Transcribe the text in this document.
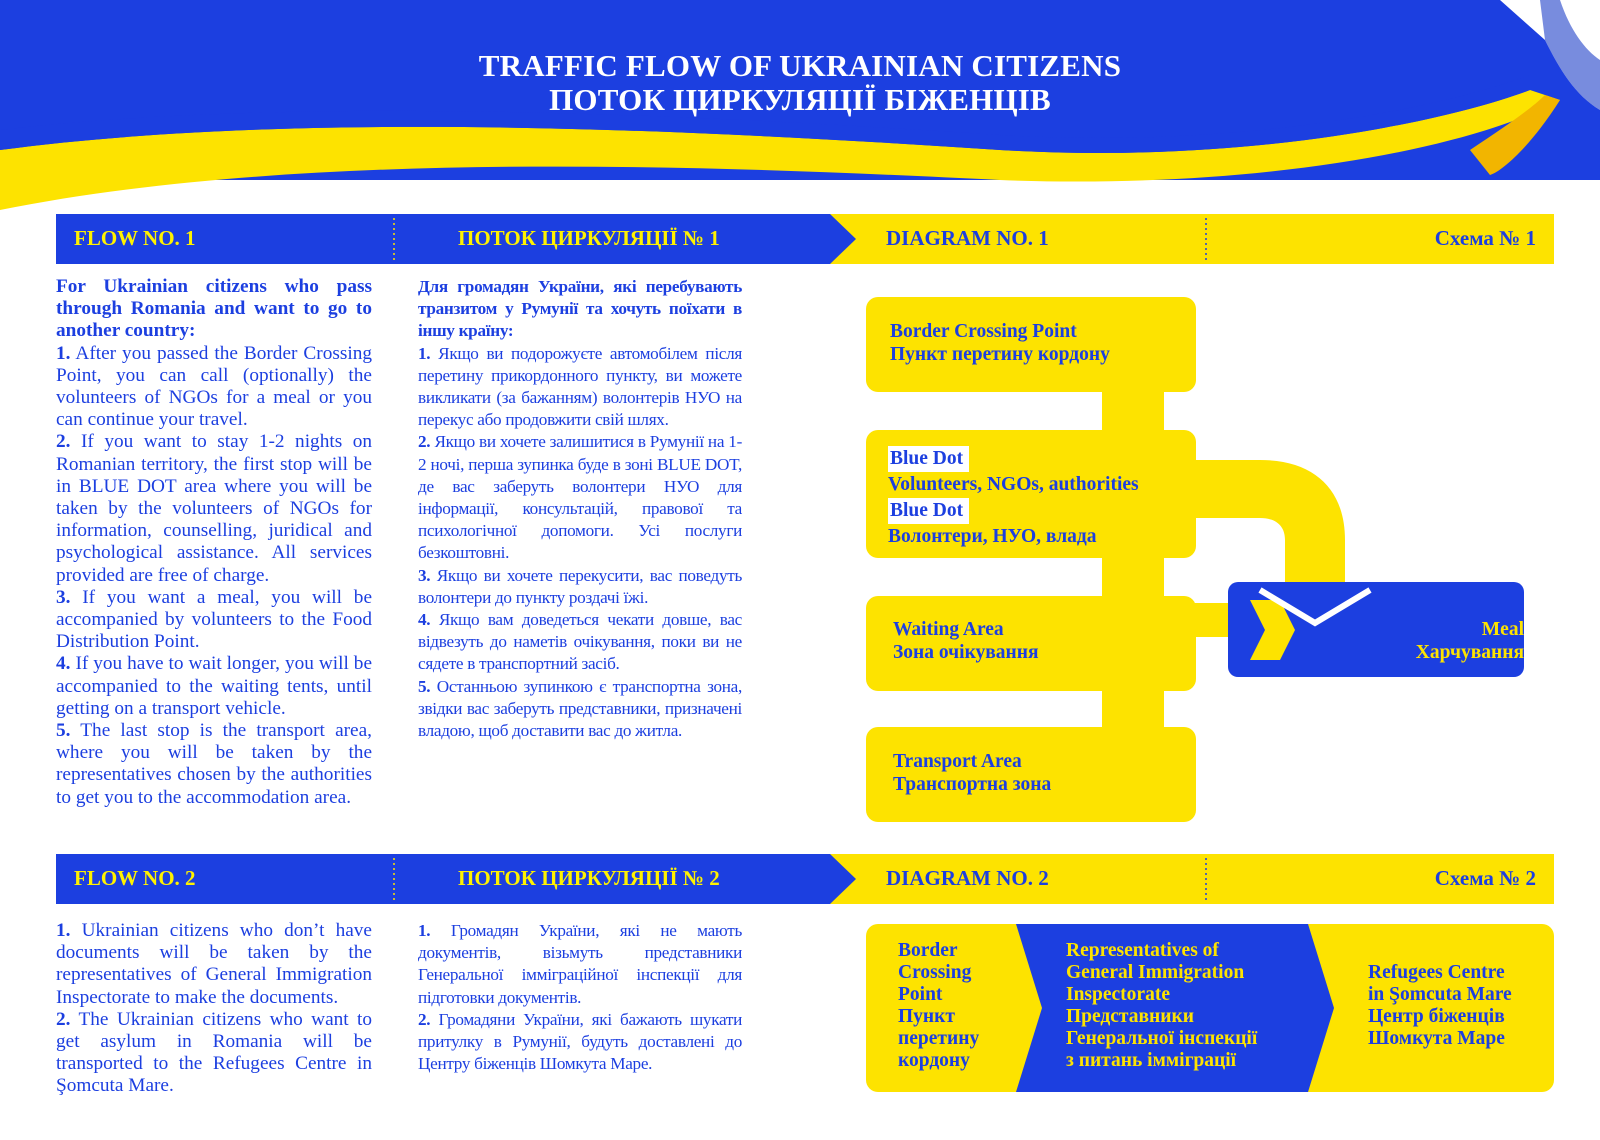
TRAFFIC FLOW OF UKRAINIAN CITIZENS
ПОТОК ЦИРКУЛЯЦІЇ БІЖЕНЦІВ
FLOW NO. 1	ПОТОК ЦИРКУЛЯЦІЇ № 1	DIAGRAM NO. 1	Схема № 1

For Ukrainian citizens who pass through Romania and want to go to another country:

1. After you passed the Border Crossing Point, you can call (optionally) the volunteers of NGOs for a meal or you can continue your travel.

2. If you want to stay 1-2 nights on Romanian territory, the first stop will be in BLUE DOT area where you will be taken by the volunteers of NGOs for information, counselling, juridical and psychological assistance. All services provided are free of charge.

3. If you want a meal, you will be accompanied by volunteers to the Food Distribution Point.

4. If you have to wait longer, you will be accompanied to the waiting tents, until getting on a transport vehicle.

5. The last stop is the transport area, where you will be taken by the representatives chosen by the authorities to get you to the accommodation area.

Для громадян України, які перебувають транзитом у Румунії та хочуть поїхати в іншу країну:

1. Якщо ви подорожуєте автомобілем після перетину прикордонного пункту, ви можете викликати (за бажанням) волонтерів НУО на перекус або продовжити свій шлях.

2. Якщо ви хочете залишитися в Румунії на 1-2 ночі, перша зупинка буде в зоні BLUE DOT, де вас заберуть волонтери НУО для інформації, консультацій, правової та психологічної допомоги. Усі послуги безкоштовні.

3. Якщо ви хочете перекусити, вас поведуть волонтери до пункту роздачі їжі.

4. Якщо вам доведеться чекати довше, вас відвезуть до наметів очікування, поки ви не сядете в транспортний засіб.

5. Останньою зупинкою є транспортна зона, звідки вас заберуть представники, призначені владою, щоб доставити вас до житла.

Border Crossing Point
Пункт перетину кордону
Blue Dot
Volunteers, NGOs, authorities
Blue Dot
Волонтери, НУО, влада
Waiting Area
Зона очікування
Transport Area
Транспортна зона
Meal
Харчування
FLOW NO. 2	ПОТОК ЦИРКУЛЯЦІЇ № 2	DIAGRAM NO. 2	Схема № 2

1. Ukrainian citizens who don’t have documents will be taken by the representatives of General Immigration Inspectorate to make the documents.

2. The Ukrainian citizens who want to get asylum in Romania will be transported to the Refugees Centre in Şomcuta Mare.

1. Громадян України, які не мають документів, візьмуть представники Генеральної імміграційної інспекції для підготовки документів.

2. Громадяни України, які бажають шукати притулку в Румунії, будуть доставлені до Центру біженців Шомкута Маре.

Border
Crossing
Point
Пункт
перетину
кордону
Representatives of
General Immigration
Inspectorate
Представники
Генеральної інспекції
з питань імміграції
Refugees Centre
in Şomcuta Mare
Центр біженців
Шомкута Маре
